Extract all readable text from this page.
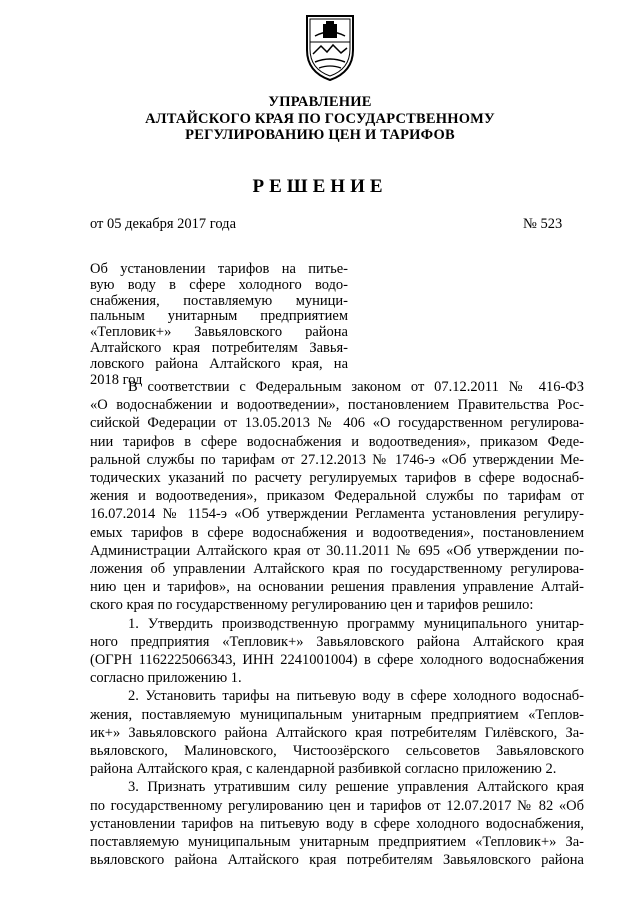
УПРАВЛЕНИЕ
АЛТАЙСКОГО КРАЯ ПО ГОСУДАРСТВЕННОМУ
РЕГУЛИРОВАНИЮ ЦЕН И ТАРИФОВ
РЕШЕНИЕ
от 05 декабря 2017 года	№ 523
Об установлении тарифов на питье-
вую воду в сфере холодного водо-
снабжения, поставляемую муници-
пальным унитарным предприятием
«Тепловик+» Завьяловского района
Алтайского края потребителям Завья-
ловского района Алтайского края, на
2018 год
В соответствии с Федеральным законом от 07.12.2011 № 416-ФЗ
«О водоснабжении и водоотведении», постановлением Правительства Рос-
сийской Федерации от 13.05.2013 № 406 «О государственном регулирова-
нии тарифов в сфере водоснабжения и водоотведения», приказом Феде-
ральной службы по тарифам от 27.12.2013 № 1746-э «Об утверждении Ме-
тодических указаний по расчету регулируемых тарифов в сфере водоснаб-
жения и водоотведения», приказом Федеральной службы по тарифам от
16.07.2014 № 1154-э «Об утверждении Регламента установления регулиру-
емых тарифов в сфере водоснабжения и водоотведения», постановлением
Администрации Алтайского края от 30.11.2011 № 695 «Об утверждении по-
ложения об управлении Алтайского края по государственному регулирова-
нию цен и тарифов», на основании решения правления управление Алтай-
ского края по государственному регулированию цен и тарифов решило:
1. Утвердить производственную программу муниципального унитар-
ного предприятия «Тепловик+» Завьяловского района Алтайского края
(ОГРН 1162225066343, ИНН 2241001004) в сфере холодного водоснабжения
согласно приложению 1.
2. Установить тарифы на питьевую воду в сфере холодного водоснаб-
жения, поставляемую муниципальным унитарным предприятием «Теплов-
ик+» Завьяловского района Алтайского края потребителям Гилёвского, За-
вьяловского, Малиновского, Чистоозёрского сельсоветов Завьяловского
района Алтайского края, с календарной разбивкой согласно приложению 2.
3. Признать утратившим силу решение управления Алтайского края
по государственному регулированию цен и тарифов от 12.07.2017 № 82 «Об
установлении тарифов на питьевую воду в сфере холодного водоснабжения,
поставляемую муниципальным унитарным предприятием «Тепловик+» За-
вьяловского района Алтайского края потребителям Завьяловского района
